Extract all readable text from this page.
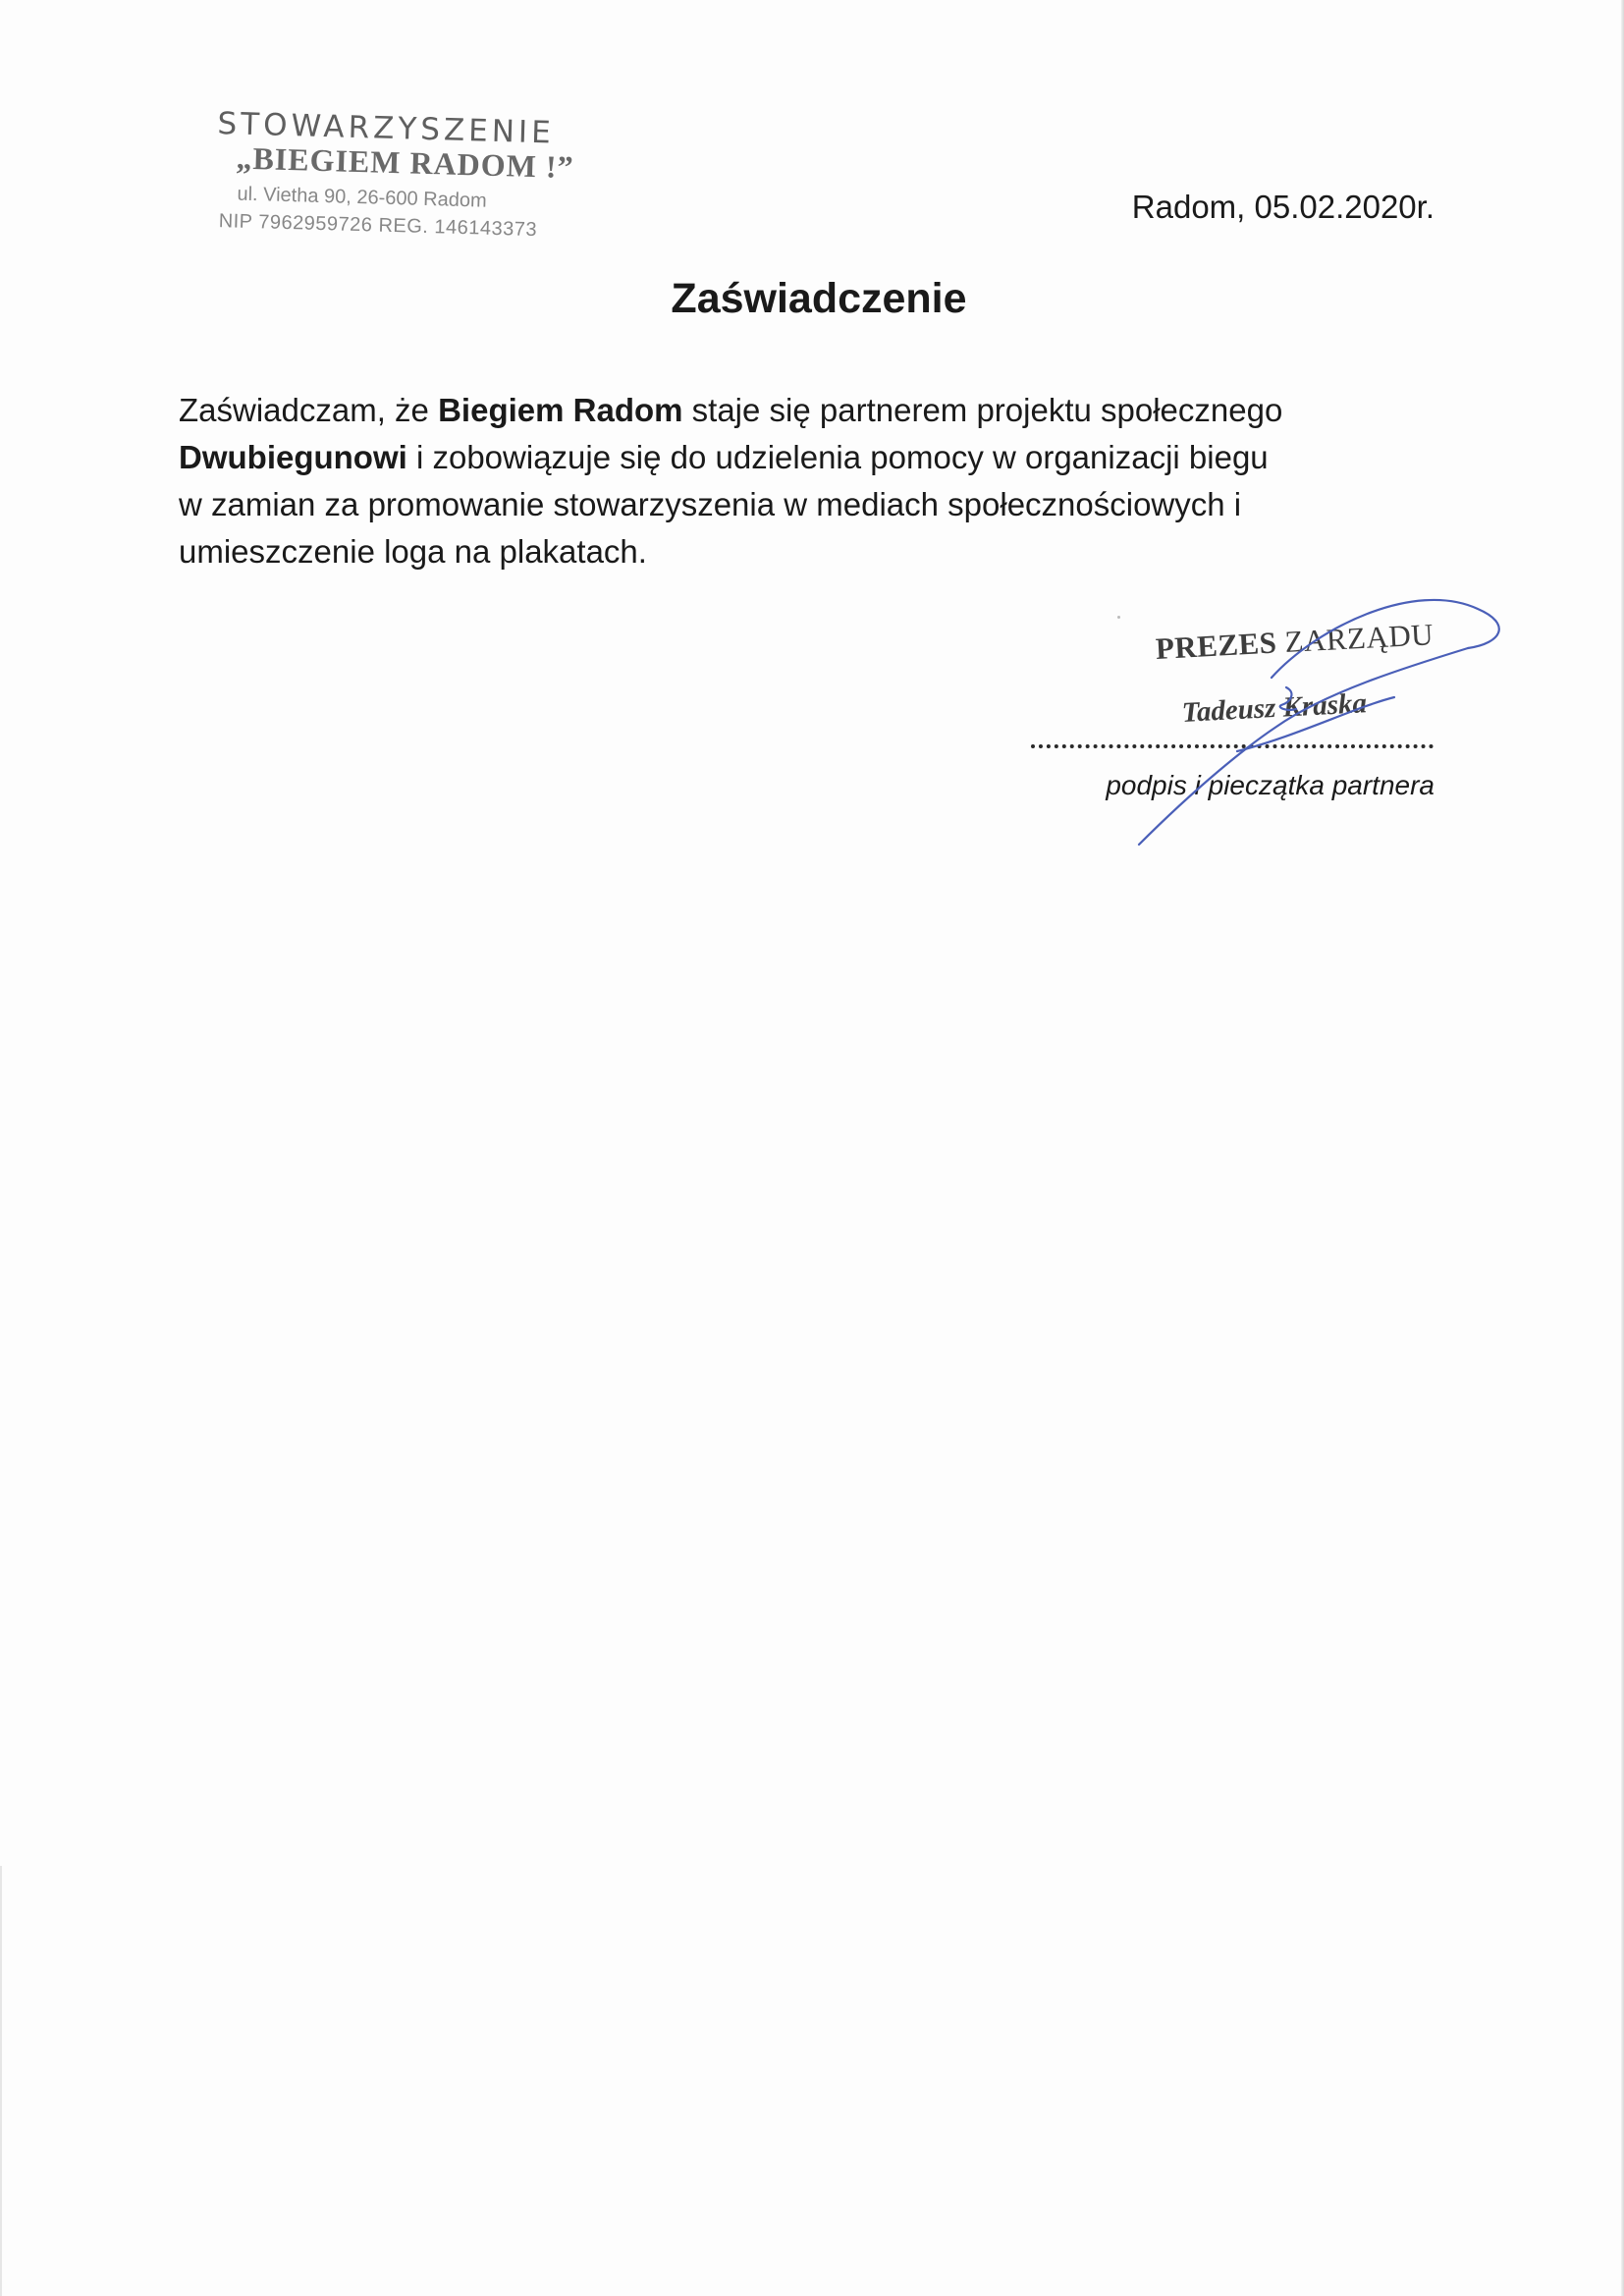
STOWARZYSZENIE
„BIEGIEM RADOM !”
ul. Vietha 90, 26-600 Radom
NIP 7962959726 REG. 146143373
Radom, 05.02.2020r.
Zaświadczenie
Zaświadczam, że Biegiem Radom staje się partnerem projektu społecznego
Dwubiegunowi i zobowiązuje się do udzielenia pomocy w organizacji biegu
w zamian za promowanie stowarzyszenia w mediach społecznościowych i
umieszczenie loga na plakatach.
PREZES ZARZĄDU
Tadeusz Kraska
podpis i pieczątka partnera
